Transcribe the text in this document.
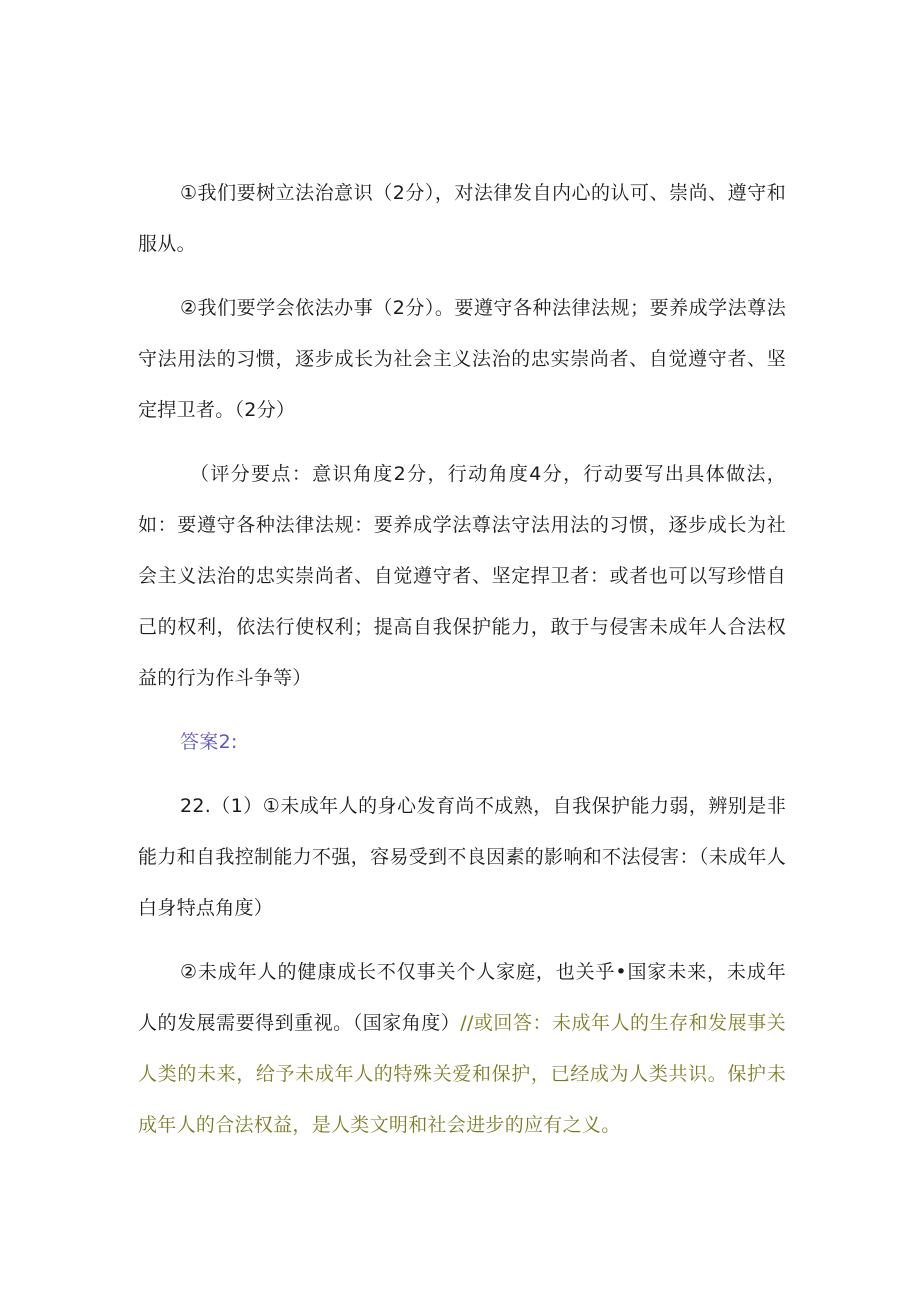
①我们要树立法治意识（2分），对法律发自内心的认可、崇尚、遵守和服从。

②我们要学会依法办事（2分）。要遵守各种法律法规；要养成学法尊法守法用法的习惯，逐步成长为社会主义法治的忠实崇尚者、自觉遵守者、坚定捍卫者。（2分）

（评分要点：意识角度2分，行动角度4分，行动要写出具体做法，如：要遵守各种法律法规：要养成学法尊法守法用法的习惯，逐步成长为社会主义法治的忠实崇尚者、自觉遵守者、坚定捍卫者：或者也可以写珍惜自己的权利，依法行使权利；提高自我保护能力，敢于与侵害未成年人合法权益的行为作斗争等）

答案2:

22.（1）①未成年人的身心发育尚不成熟，自我保护能力弱，辨别是非能力和自我控制能力不强，容易受到不良因素的影响和不法侵害：（未成年人白身特点角度）

②未成年人的健康成长不仅事关个人家庭，也关乎•国家未来，未成年人的发展需要得到重视。（国家角度）//或回答：未成年人的生存和发展事关人类的未来，给予未成年人的特殊关爱和保护，已经成为人类共识。保护未成年人的合法权益，是人类文明和社会进步的应有之义。
